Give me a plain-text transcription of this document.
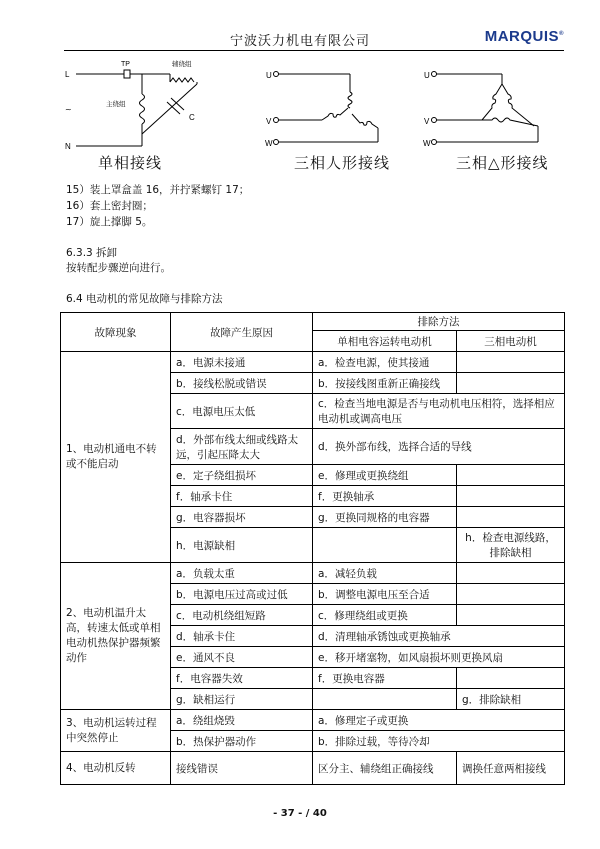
宁波沃力机电有限公司	MARQUIS®
L
N
~
TP	辅绕组
主绕组
C
单相接线
U
V
W
三相人形接线
U
V
W
三相△形接线
15）装上罩盒盖 16，并拧紧螺钉 17；
16）套上密封圈；
17）旋上撑脚 5。
6.3.3 拆卸
按转配步骤逆向进行。
6.4 电动机的常见故障与排除方法
故障现象	故障产生原因	排除方法	
		单相电容运转电动机	三相电动机
1、电动机通电不转或不能启动	a．电源未接通	a．检查电源，使其接通	
	b．接线松脱或错误	b．按接线图重新正确接线	
	c．电源电压太低	c．检查当地电源是否与电动机电压相符，选择相应电动机或调高电压	
	d．外部布线太细或线路太远，引起压降太大	d．换外部布线，选择合适的导线	
	e．定子绕组损坏	e．修理或更换绕组	
	f．轴承卡住	f．更换轴承	
	g．电容器损坏	g．更换同规格的电容器	
	h．电源缺相		h．检查电源线路，排除缺相
2、电动机温升太高，转速太低或单相电动机热保护器频繁动作	a．负载太重	a．减轻负载	
	b．电源电压过高或过低	b．调整电源电压至合适	
	c．电动机绕组短路	c．修理绕组或更换	
	d．轴承卡住	d．清理轴承锈蚀或更换轴承	
	e．通风不良	e．移开堵塞物，如风扇损坏则更换风扇	
	f．电容器失效	f．更换电容器	
	g．缺相运行		g．排除缺相
3、电动机运转过程中突然停止	a．绕组烧毁	a．修理定子或更换	
	b．热保护器动作	b．排除过载，等待冷却	
4、电动机反转	接线错误	区分主、辅绕组正确接线	调换任意两相接线
- 37 - / 40
